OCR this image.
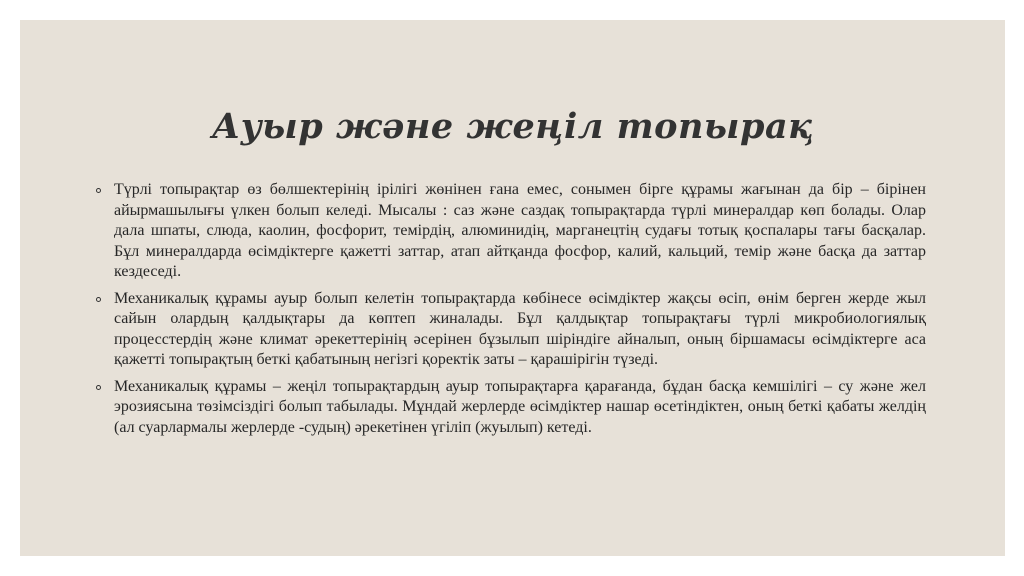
Ауыр және жеңіл топырақ
Түрлі топырақтар өз бөлшектерінің ірілігі жөнінен ғана емес, сонымен бірге құрамы жағынан да бір – бірінен айырмашылығы үлкен болып келеді. Мысалы : саз және саздақ топырақтарда түрлі минералдар көп болады. Олар дала шпаты, слюда, каолин, фосфорит, темірдің, алюминидің, марганецтің судағы тотық қоспалары тағы басқалар. Бұл минералдарда өсімдіктерге қажетті заттар, атап айтқанда фосфор, калий, кальций, темір және басқа да заттар кездеседі.
Механикалық құрамы ауыр болып келетін топырақтарда көбінесе өсімдіктер жақсы өсіп, өнім берген жерде жыл сайын олардың қалдықтары да көптеп жиналады. Бұл қалдықтар топырақтағы түрлі микробиологиялық процесстердің және климат әрекеттерінің әсерінен бұзылып шіріндіге айналып, оның біршамасы өсімдіктерге аса қажетті топырақтың беткі қабатының негізгі қоректік заты – қарашірігін түзеді.
Механикалық құрамы – жеңіл топырақтардың ауыр топырақтарға қарағанда, бұдан басқа кемшілігі – су және жел эрозиясына төзімсіздігі болып табылады. Мұндай жерлерде өсімдіктер нашар өсетіндіктен, оның беткі қабаты желдің (ал суарлармалы жерлерде -судың) әрекетінен үгіліп (жуылып) кетеді.
